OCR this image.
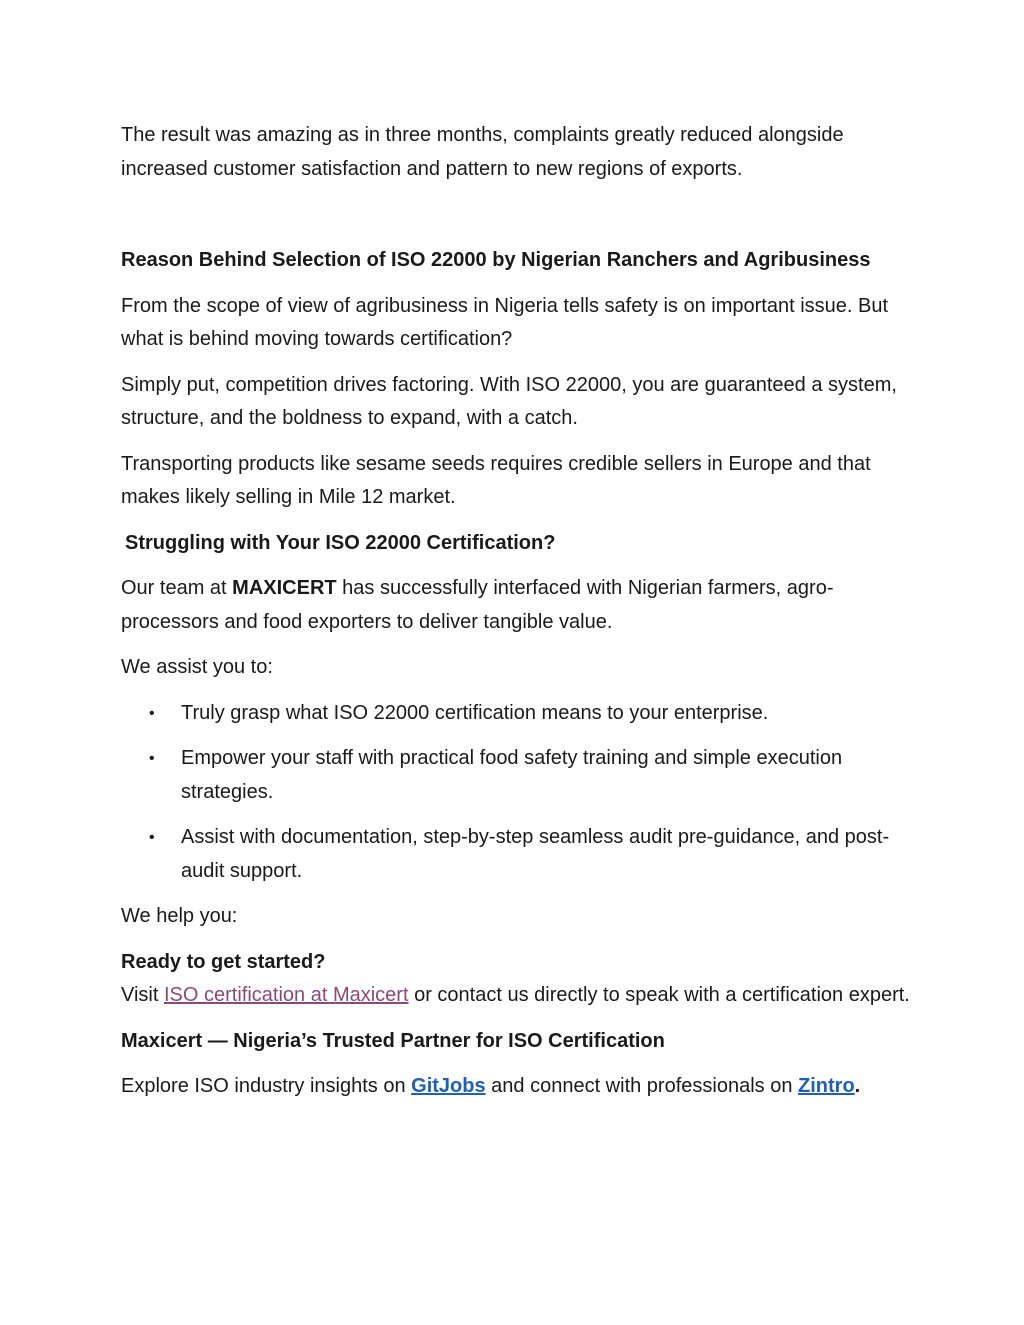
The result was amazing as in three months, complaints greatly reduced alongside increased customer satisfaction and pattern to new regions of exports.

Reason Behind Selection of ISO 22000 by Nigerian Ranchers and Agribusiness

From the scope of view of agribusiness in Nigeria tells safety is on important issue. But what is behind moving towards certification?

Simply put, competition drives factoring. With ISO 22000, you are guaranteed a system, structure, and the boldness to expand, with a catch.

Transporting products like sesame seeds requires credible sellers in Europe and that makes likely selling in Mile 12 market.

Struggling with Your ISO 22000 Certification?

Our team at MAXICERT has successfully interfaced with Nigerian farmers, agro-processors and food exporters to deliver tangible value.

We assist you to:

• Truly grasp what ISO 22000 certification means to your enterprise.
• Empower your staff with practical food safety training and simple execution strategies.
• Assist with documentation, step-by-step seamless audit pre-guidance, and post-audit support.

We help you:

Ready to get started?

Visit ISO certification at Maxicert or contact us directly to speak with a certification expert.

Maxicert — Nigeria’s Trusted Partner for ISO Certification

Explore ISO industry insights on GitJobs and connect with professionals on Zintro.
